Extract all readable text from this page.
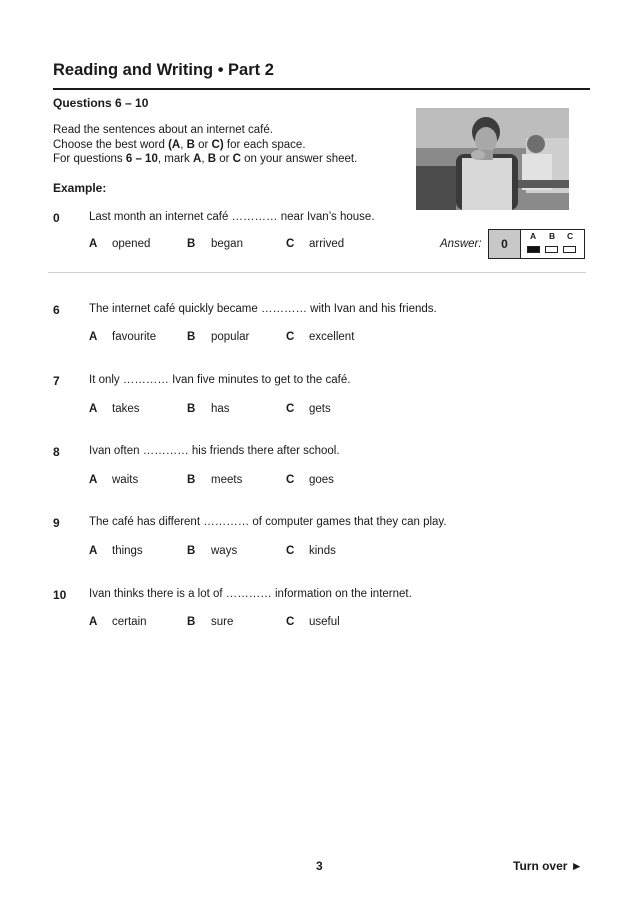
Reading and Writing • Part 2
Questions 6 – 10
Read the sentences about an internet café.
Choose the best word (A, B or C) for each space.
For questions 6 – 10, mark A, B or C on your answer sheet.
Example:
0	Last month an internet café ………… near Ivan’s house.
A opened	B began	C arrived	Answer:	0
A B C
6	The internet café quickly became ………… with Ivan and his friends.
A favourite	B popular	C excellent
7	It only ………… Ivan five minutes to get to the café.
A takes	B has	C gets
8	Ivan often ………… his friends there after school.
A waits	B meets	C goes
9	The café has different ………… of computer games that they can play.
A things	B ways	C kinds
10 Ivan thinks there is a lot of ………… information on the internet.
A certain	B sure	C useful
3	Turn over ►
